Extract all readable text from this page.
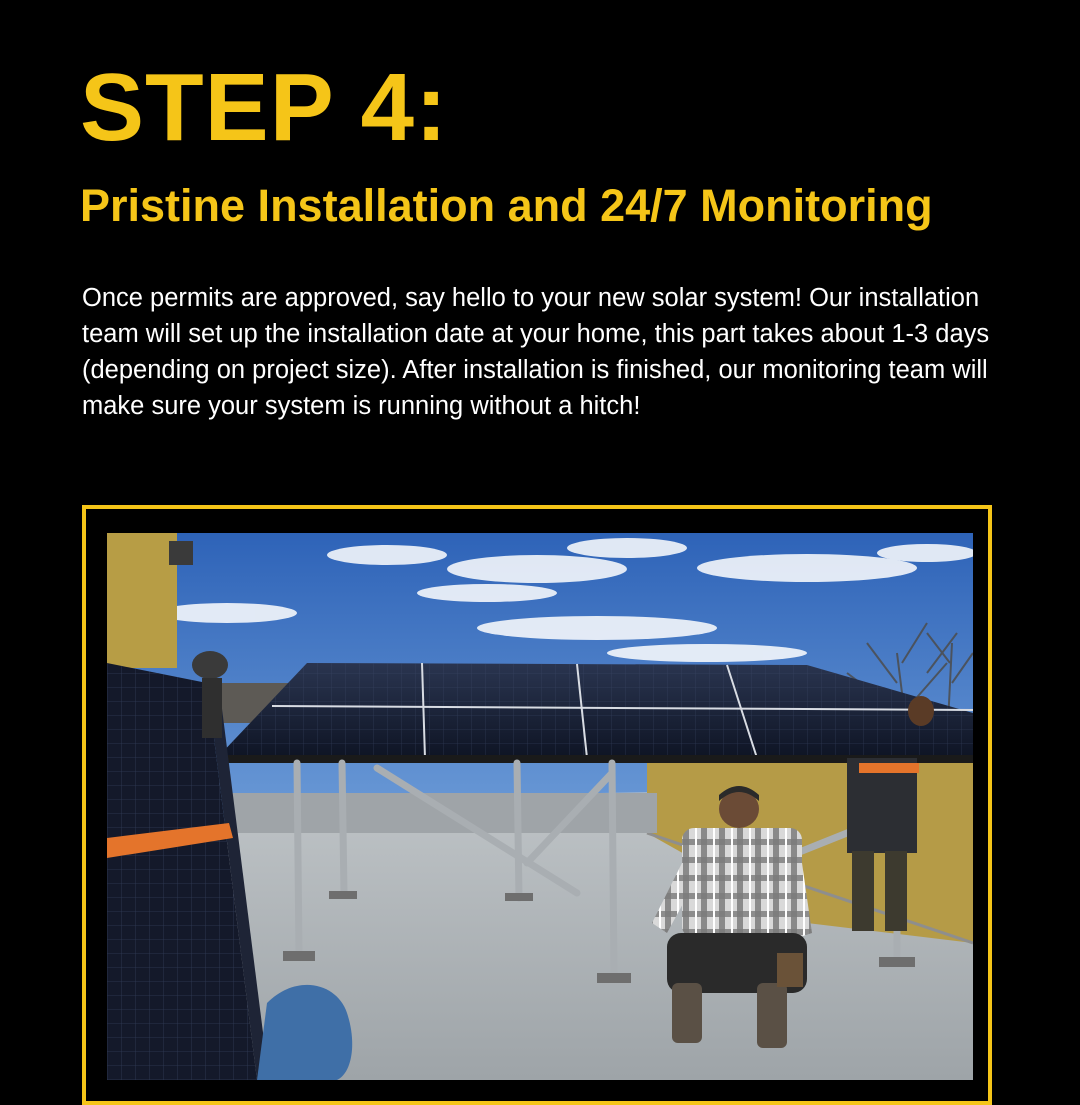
STEP 4:
Pristine Installation and 24/7 Monitoring

Once permits are approved, say hello to your new solar system! Our installation team will set up the installation date at your home, this part takes about 1-3 days (depending on project size). After installation is finished, our monitoring team will make sure your system is running without a hitch!
